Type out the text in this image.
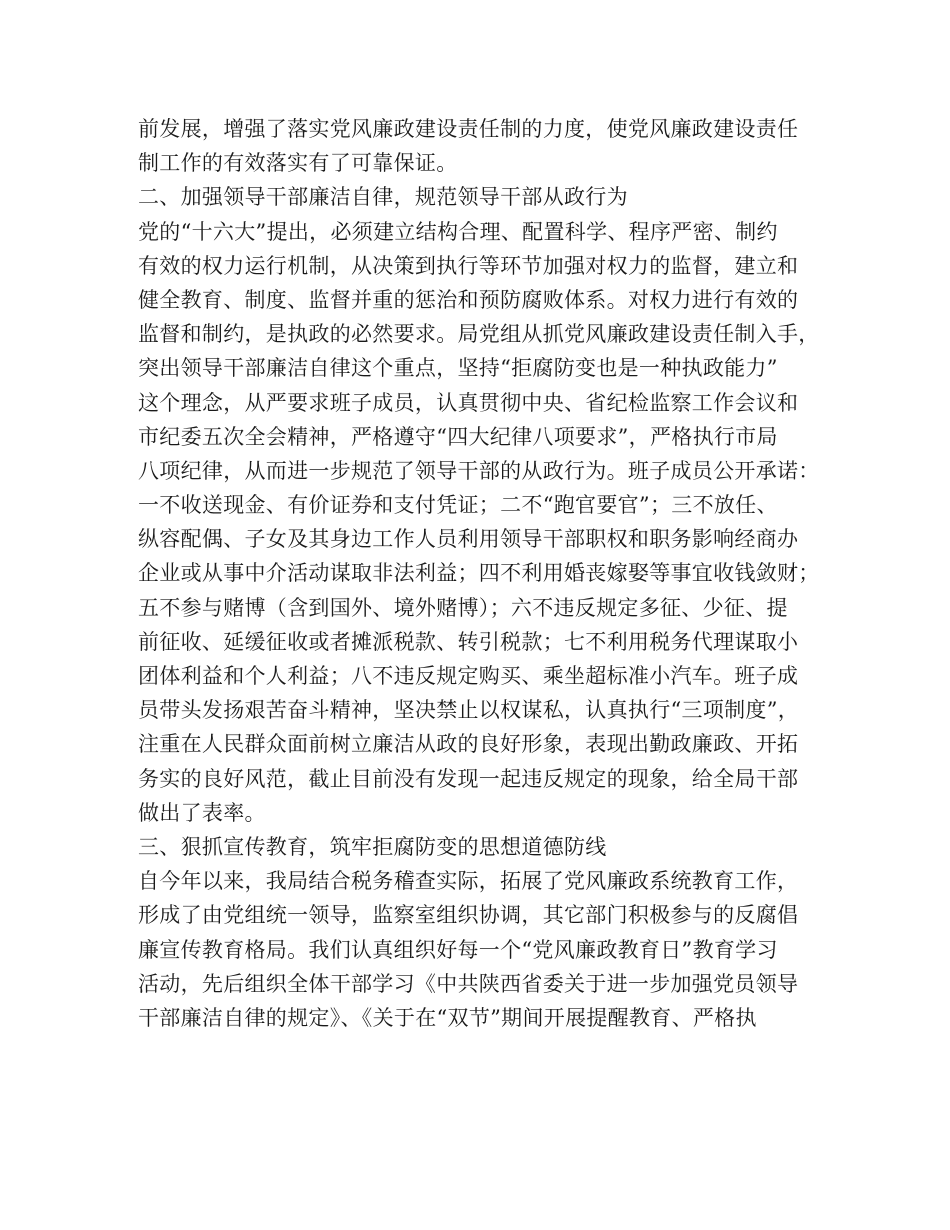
前发展，增强了落实党风廉政建设责任制的力度，使党风廉政建设责任
制工作的有效落实有了可靠保证。
二、加强领导干部廉洁自律，规范领导干部从政行为
党的“十六大”提出，必须建立结构合理、配置科学、程序严密、制约
有效的权力运行机制，从决策到执行等环节加强对权力的监督，建立和
健全教育、制度、监督并重的惩治和预防腐败体系。对权力进行有效的
监督和制约，是执政的必然要求。局党组从抓党风廉政建设责任制入手，
突出领导干部廉洁自律这个重点，坚持“拒腐防变也是一种执政能力”
这个理念，从严要求班子成员，认真贯彻中央、省纪检监察工作会议和
市纪委五次全会精神，严格遵守“四大纪律八项要求”，严格执行市局
八项纪律，从而进一步规范了领导干部的从政行为。班子成员公开承诺：
一不收送现金、有价证券和支付凭证；二不“跑官要官”；三不放任、
纵容配偶、子女及其身边工作人员利用领导干部职权和职务影响经商办
企业或从事中介活动谋取非法利益；四不利用婚丧嫁娶等事宜收钱敛财；
五不参与赌博（含到国外、境外赌博）；六不违反规定多征、少征、提
前征收、延缓征收或者摊派税款、转引税款；七不利用税务代理谋取小
团体利益和个人利益；八不违反规定购买、乘坐超标准小汽车。班子成
员带头发扬艰苦奋斗精神，坚决禁止以权谋私，认真执行“三项制度”，
注重在人民群众面前树立廉洁从政的良好形象，表现出勤政廉政、开拓
务实的良好风范，截止目前没有发现一起违反规定的现象，给全局干部
做出了表率。
三、狠抓宣传教育，筑牢拒腐防变的思想道德防线
自今年以来，我局结合税务稽查实际，拓展了党风廉政系统教育工作，
形成了由党组统一领导，监察室组织协调，其它部门积极参与的反腐倡
廉宣传教育格局。我们认真组织好每一个“党风廉政教育日”教育学习
活动，先后组织全体干部学习《中共陕西省委关于进一步加强党员领导
干部廉洁自律的规定》、《关于在“双节”期间开展提醒教育、严格执
